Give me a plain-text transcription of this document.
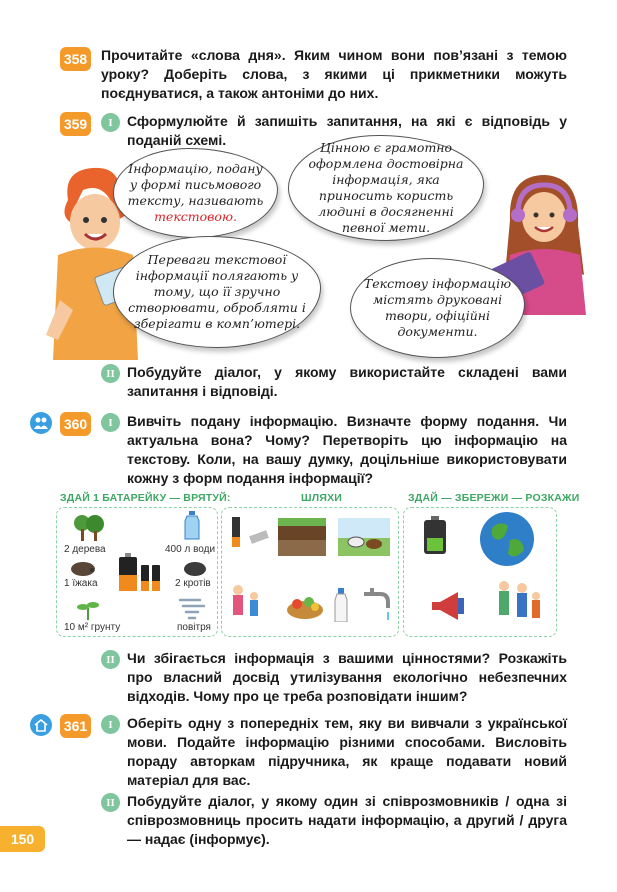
358 Прочитайте «слова дня». Яким чином вони пов’язані з темою уроку? Доберіть слова, з якими ці прикметники можуть поєднуватися, а також антоніми до них.
359	I	Сформулюйте й запишіть запитання, на які є відповідь у поданій схемі.
Інформацію, подану у формі письмового тексту, називають текстовою.
Цінною є грамотно оформлена достовірна інформація, яка приносить користь людині в досягненні певної мети.
Переваги текстової інформації полягають у тому, що її зручно створювати, обробляти і зберігати в комп’ютері.
Текстову інформацію містять друковані твори, офіційні документи.
II Побудуйте діалог, у якому використайте складені вами запитання і відповіді.
360	I	Вивчіть подану інформацію. Визначте форму подання. Чи актуальна вона? Чому? Перетворіть цю інформацію на текстову. Коли, на вашу думку, доцільніше використовувати кожну з форм подання інформації?
ЗДАЙ 1 БАТАРЕЙКУ — ВРЯТУЙ:	ШЛЯХИ	ЗДАЙ — ЗБЕРЕЖИ — РОЗКАЖИ
2 дерева	400 л води
1 їжака	2 кротів
10 м² грунту	повітря
II Чи збігається інформація з вашими цінностями? Розкажіть про власний досвід утилізування екологічно небезпечних відходів. Чому про це треба розповідати іншим?
361	I	Оберіть одну з попередніх тем, яку ви вивчали з української мови. Подайте інформацію різними способами. Висловіть пораду авторкам підручника, як краще подавати новий матеріал для вас.
II Побудуйте діалог, у якому один зі співрозмовників / одна зі співрозмовниць просить надати інформацію, а другий / друга — надає (інформує).
150
